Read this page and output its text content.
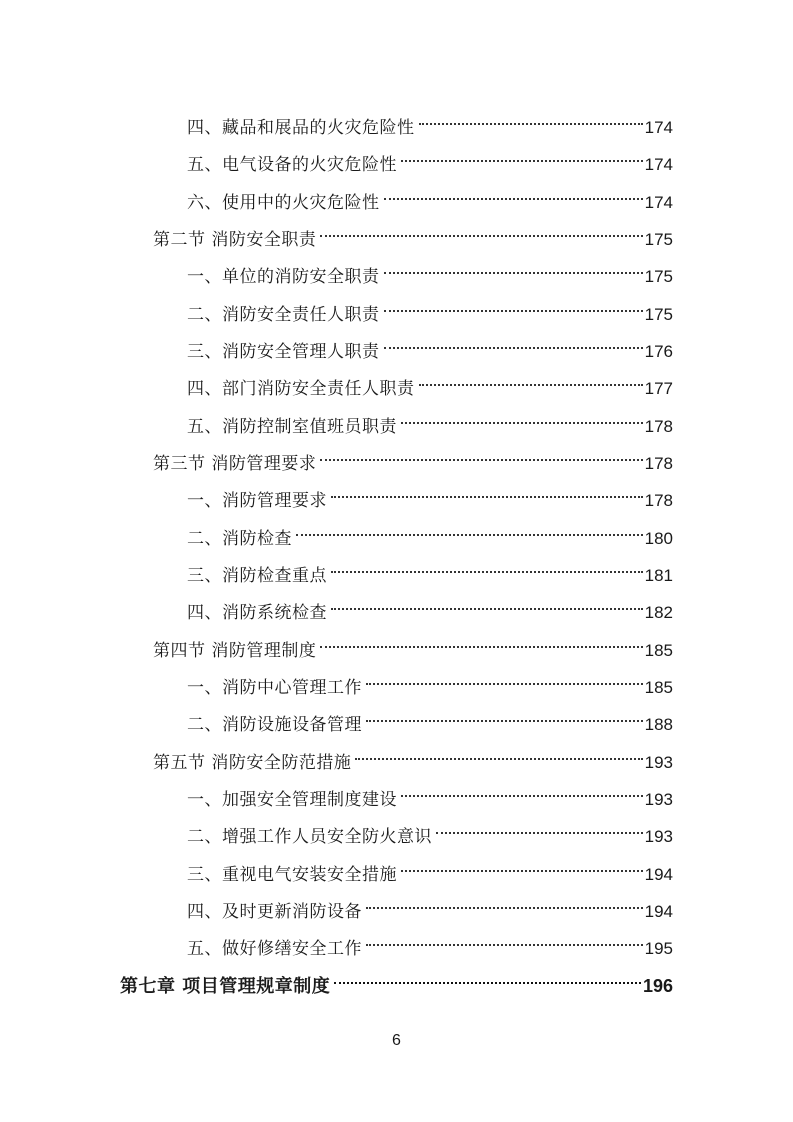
四、藏品和展品的火灾危险性	174
五、电气设备的火灾危险性	174
六、使用中的火灾危险性	174
第二节 消防安全职责	175
一、单位的消防安全职责	175
二、消防安全责任人职责	175
三、消防安全管理人职责	176
四、部门消防安全责任人职责	177
五、消防控制室值班员职责	178
第三节 消防管理要求	178
一、消防管理要求	178
二、消防检查	180
三、消防检查重点	181
四、消防系统检查	182
第四节 消防管理制度	185
一、消防中心管理工作	185
二、消防设施设备管理	188
第五节 消防安全防范措施	193
一、加强安全管理制度建设	193
二、增强工作人员安全防火意识	193
三、重视电气安装安全措施	194
四、及时更新消防设备	194
五、做好修缮安全工作	195
第七章 项目管理规章制度	196
6
